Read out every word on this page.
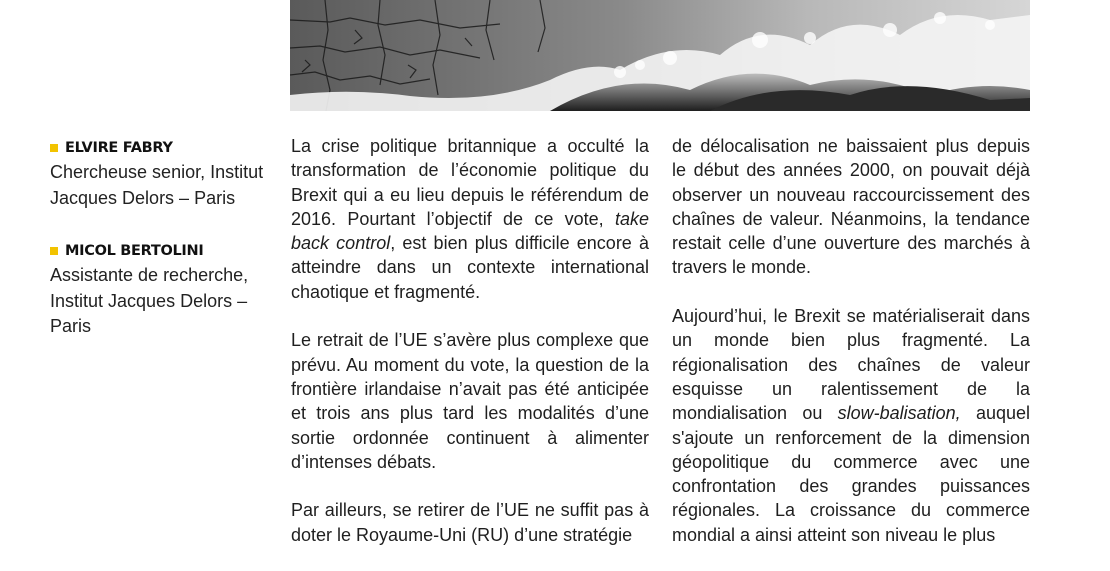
ELVIRE FABRY
Chercheuse senior, Institut Jacques Delors – Paris
MICOL BERTOLINI
Assistante de recherche, Institut Jacques Delors – Paris

La crise politique britannique a occulté la transformation de l’économie politique du Brexit qui a eu lieu depuis le référendum de 2016. Pourtant l’objectif de ce vote, take back control, est bien plus difficile encore à atteindre dans un contexte international chaotique et fragmenté.

Le retrait de l’UE s’avère plus complexe que prévu. Au moment du vote, la question de la frontière irlandaise n’avait pas été anticipée et trois ans plus tard les modalités d’une sortie ordonnée continuent à alimenter d’intenses débats.

Par ailleurs, se retirer de l’UE ne suffit pas à doter le Royaume-Uni (RU) d’une stratégie

de délocalisation ne baissaient plus depuis le début des années 2000, on pouvait déjà observer un nouveau raccourcissement des chaînes de valeur. Néanmoins, la tendance restait celle d’une ouverture des marchés à travers le monde.

Aujourd’hui, le Brexit se matérialiserait dans un monde bien plus fragmenté. La régionalisation des chaînes de valeur esquisse un ralentissement de la mondialisation ou slow-balisation, auquel s'ajoute un renforcement de la dimension géopolitique du commerce avec une confrontation des grandes puissances régionales. La croissance du commerce mondial a ainsi atteint son niveau le plus
